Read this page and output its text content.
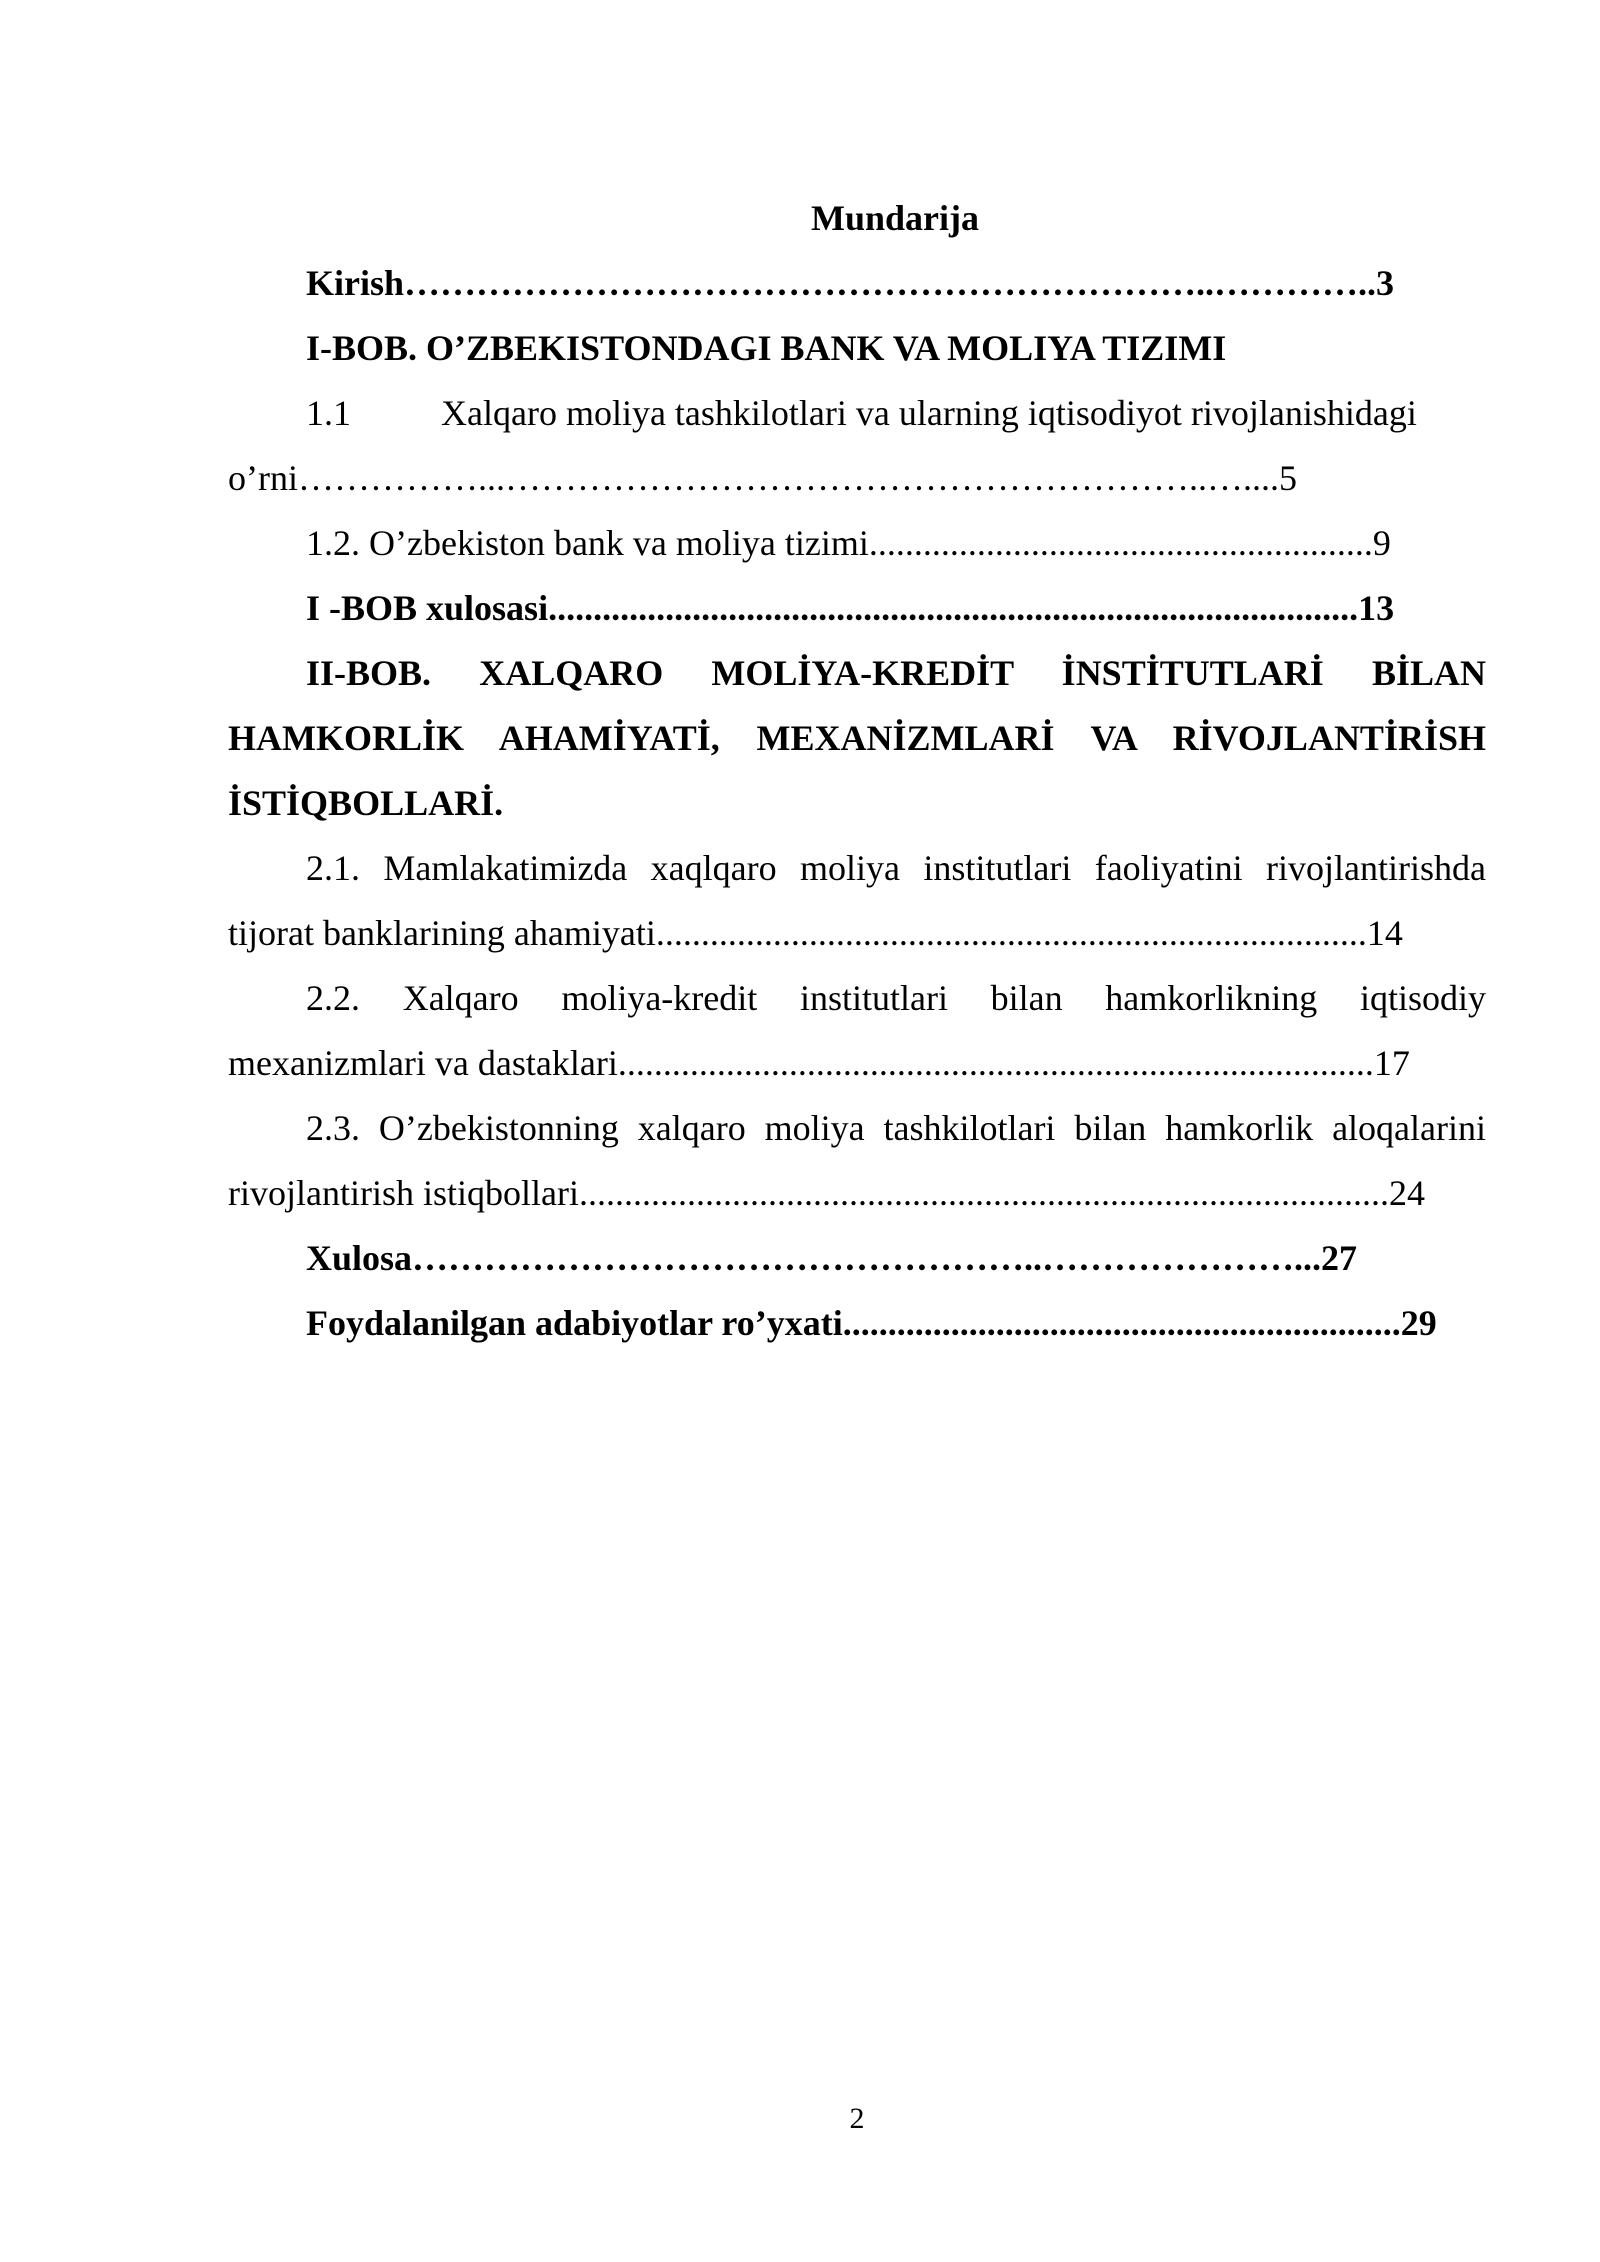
Mundarija
Kirish…………………………………………………………..…………..3
I-BOB. O’ZBEKISTONDAGI BANK VA MOLIYA TIZIMI
1.1	Xalqaro moliya tashkilotlari va ularning iqtisodiyot rivojlanishidagi
o’rni……………...…………………………………………………..…....5
1.2. O’zbekiston bank va moliya tizimi........................................................9
I -BOB xulosasi..........................................................................................13
II-BOB. XALQARO MOLİYA-KREDİT İNSTİTUTLARİ BİLAN
HAMKORLİK AHAMİYATİ, MEXANİZMLARİ VA RİVOJLANTİRİSH
İSTİQBOLLARİ.
2.1. Mamlakatimizda xaqlqaro moliya institutlari faoliyatini rivojlantirishda
tijorat banklarining ahamiyati...............................................................................14
2.2. Xalqaro moliya-kredit institutlari bilan hamkorlikning iqtisodiy
mexanizmlari va dastaklari....................................................................................17
2.3. O’zbekistonning xalqaro moliya tashkilotlari bilan hamkorlik aloqalarini
rivojlantirish istiqbollari..........................................................................................24
Xulosa……………………………………………..…………………...27
Foydalanilgan adabiyotlar ro’yxati..............................................................29
2
